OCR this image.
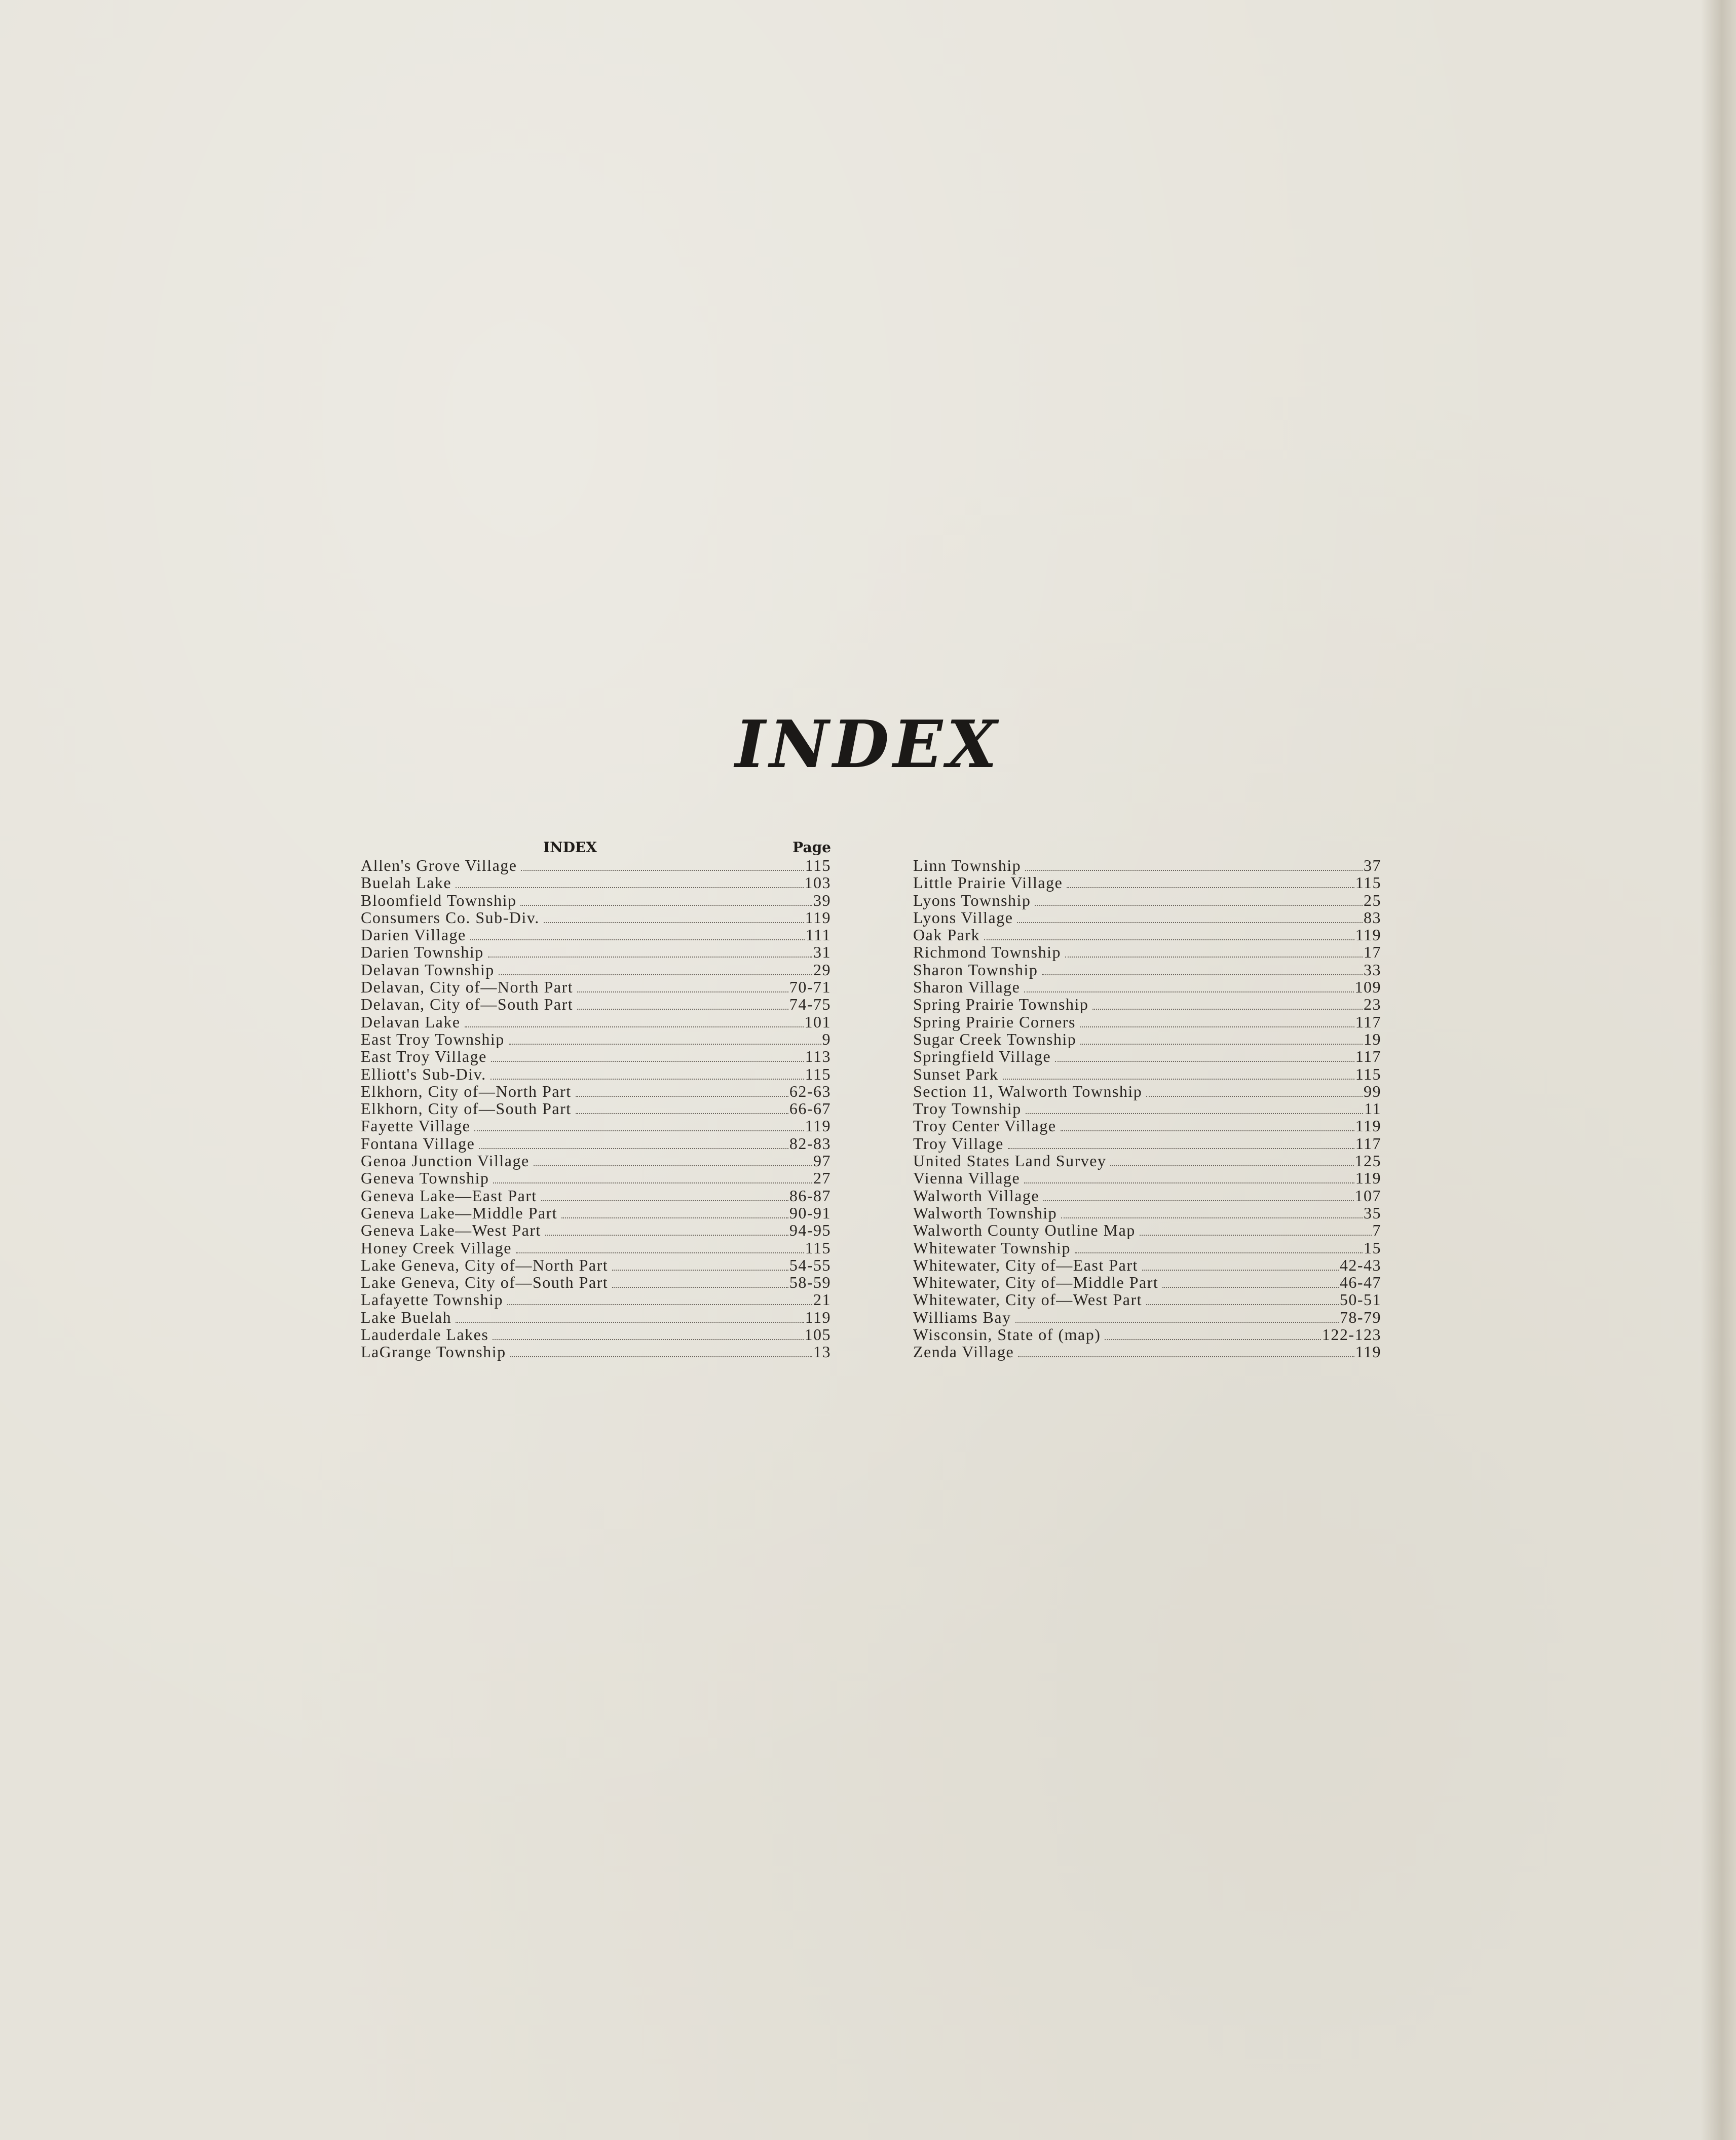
INDEX
INDEX	Page
Allen's Grove Village	115
Buelah Lake	103
Bloomfield Township	39
Consumers Co. Sub-Div.	119
Darien Village	111
Darien Township	31
Delavan Township	29
Delavan, City of—North Part	70-71
Delavan, City of—South Part	74-75
Delavan Lake	101
East Troy Township	9
East Troy Village	113
Elliott's Sub-Div.	115
Elkhorn, City of—North Part	62-63
Elkhorn, City of—South Part	66-67
Fayette Village	119
Fontana Village	82-83
Genoa Junction Village	97
Geneva Township	27
Geneva Lake—East Part	86-87
Geneva Lake—Middle Part	90-91
Geneva Lake—West Part	94-95
Honey Creek Village	115
Lake Geneva, City of—North Part	54-55
Lake Geneva, City of—South Part	58-59
Lafayette Township	21
Lake Buelah	119
Lauderdale Lakes	105
LaGrange Township	13
Linn Township	37
Little Prairie Village	115
Lyons Township	25
Lyons Village	83
Oak Park	119
Richmond Township	17
Sharon Township	33
Sharon Village	109
Spring Prairie Township	23
Spring Prairie Corners	117
Sugar Creek Township	19
Springfield Village	117
Sunset Park	115
Section 11, Walworth Township	99
Troy Township	11
Troy Center Village	119
Troy Village	117
United States Land Survey	125
Vienna Village	119
Walworth Village	107
Walworth Township	35
Walworth County Outline Map	7
Whitewater Township	15
Whitewater, City of—East Part	42-43
Whitewater, City of—Middle Part	46-47
Whitewater, City of—West Part	50-51
Williams Bay	78-79
Wisconsin, State of (map)	122-123
Zenda Village	119
